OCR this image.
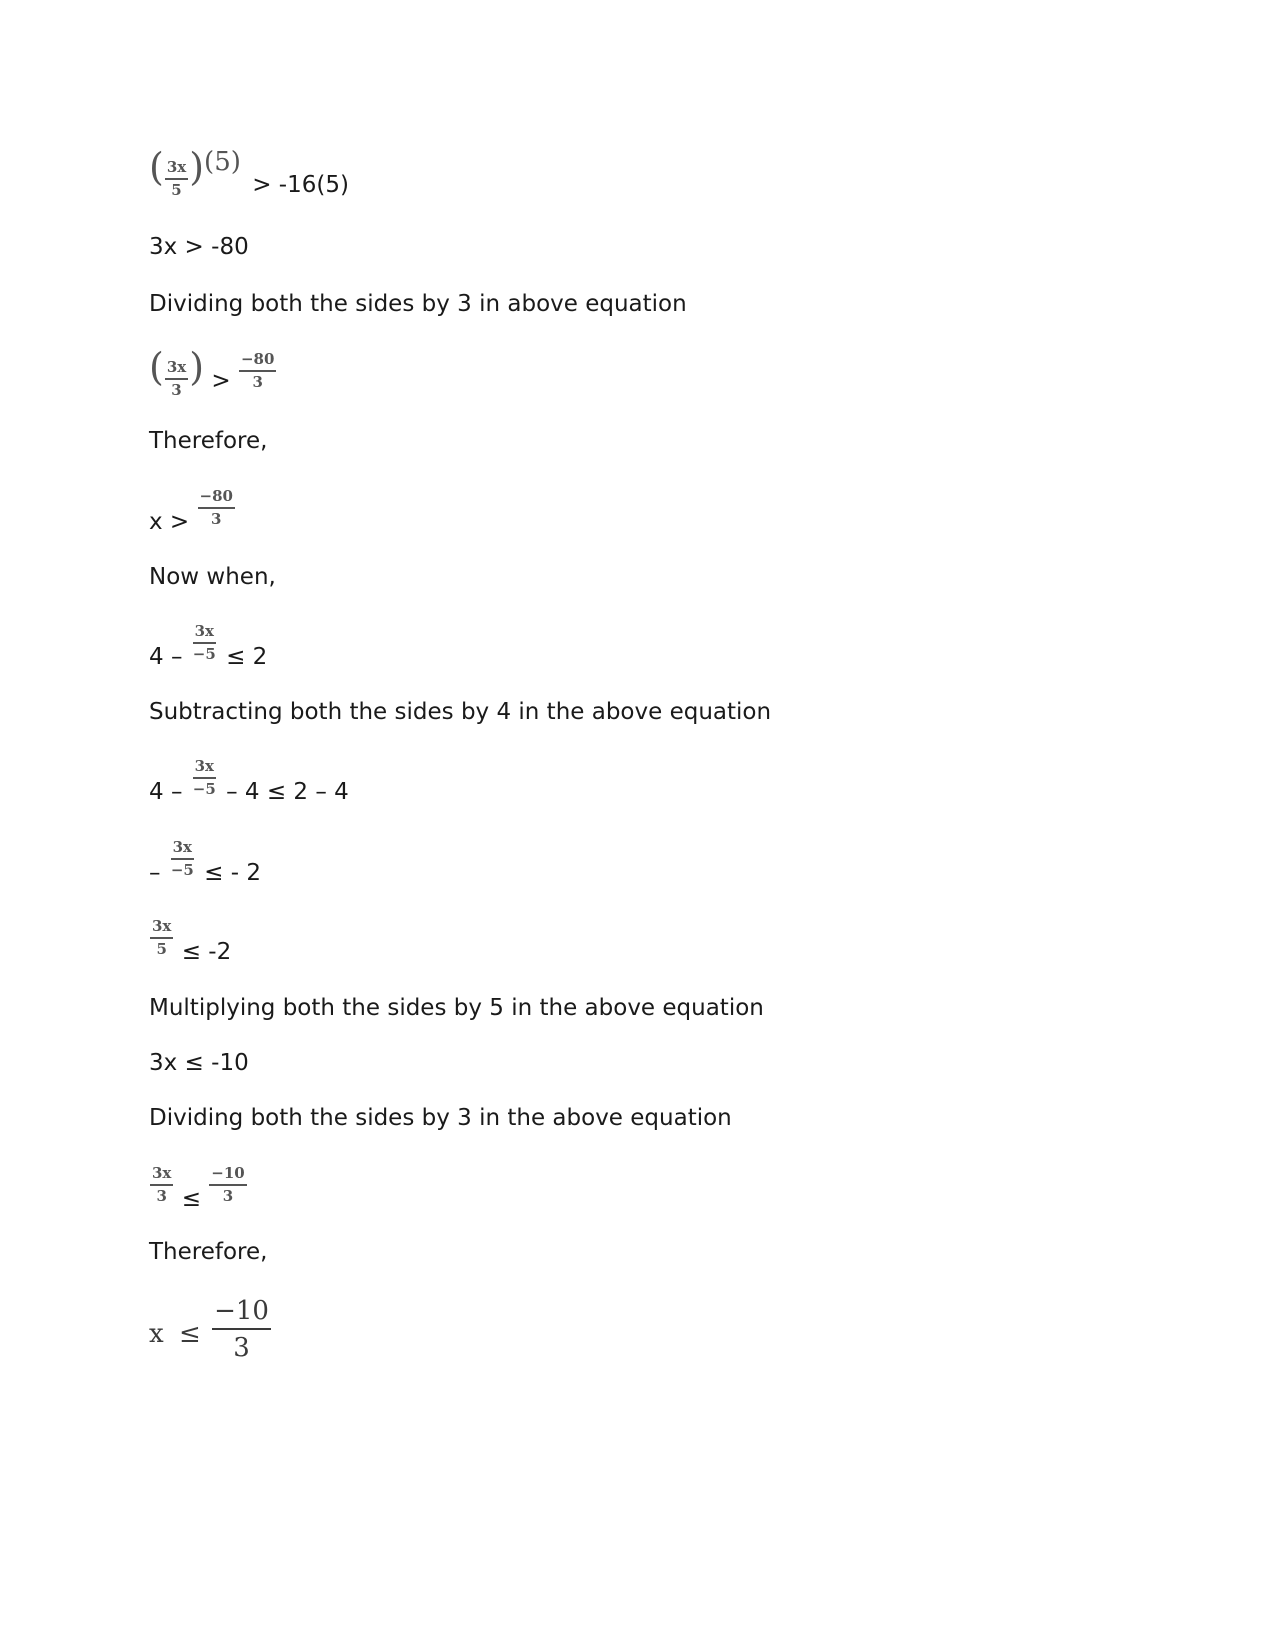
( $\frac{3x}{5} )(5) > -16(5)$
3x > -80
Dividing both the sides by 3 in above equation
( $\frac{3x}{3}$ ) > $\frac{-80}{3}$
Therefore,
$x > \frac{-80}{3}$
Now when,
$4 - \frac{3x}{-5} \le 2$
Subtracting both the sides by 4 in the above equation
$4 - \frac{3x}{-5} - 4 \le 2 - 4$
– $\frac{3x}{-5}$ ≤ - 2
$\frac{3x}{5} \le -2$
Multiplying both the sides by 5 in the above equation
3x ≤ -10
Dividing both the sides by 3 in the above equation
$\frac{3x}{3} \le \frac{-10}{3}$
Therefore,
$x \le \frac{-10}{3}$
